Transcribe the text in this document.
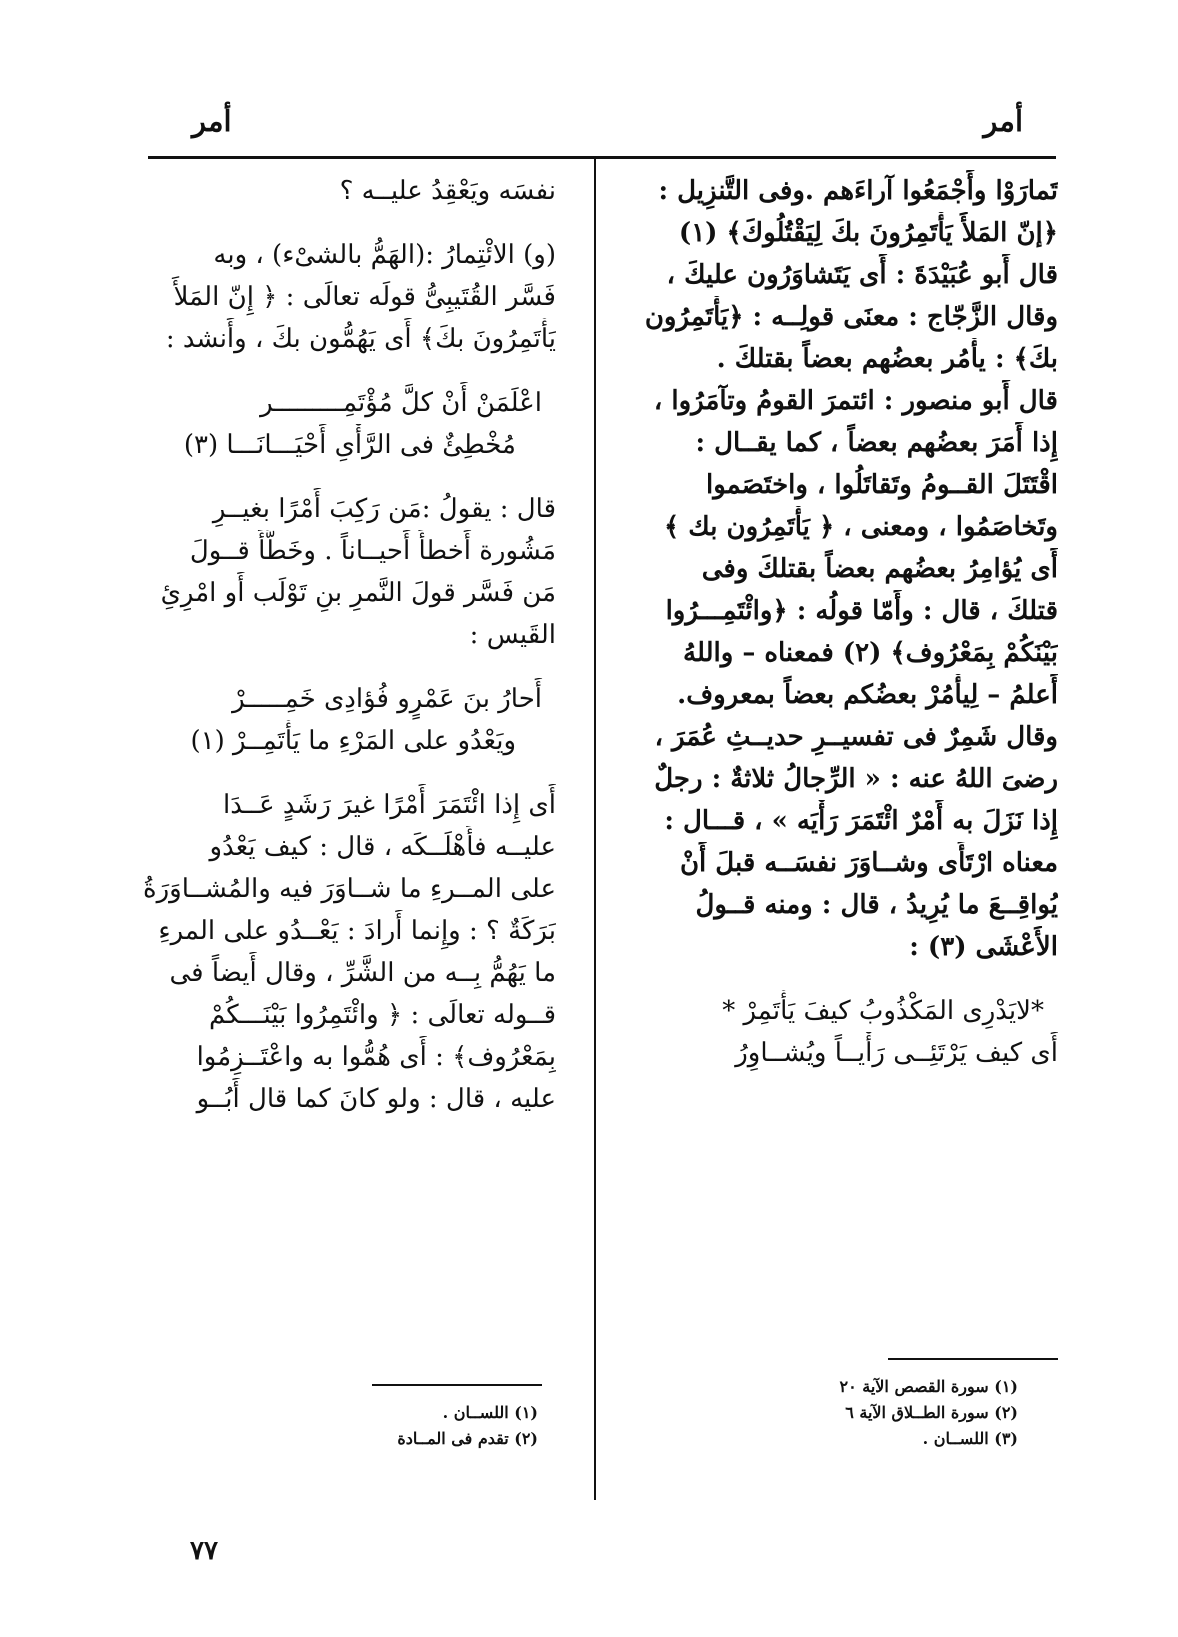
أمر
أمر
تَمارَوْا وأَجْمَعُوا آراءَهم .وفى التَّنزِيل :
﴿إنّ المَلأَ يَأْتَمِرُونَ بكَ لِيَقْتُلُوكَ﴾ (١)
قال أَبو عُبَيْدَةَ : أَى يَتَشاوَرُون عليكَ ،
وقال الزَّجّاج : معنَى قولِــه : ﴿يَأْتَمِرُون
بكَ﴾ : يأْمُر بعضُهم بعضاً بقتلكَ .
قال أَبو منصور : ائتمرَ القومُ وتآمَرُوا ،
إِذا أَمَرَ بعضُهم بعضاً ، كما يقــال :
اقْتَتَلَ القــومُ وتَقاتَلُوا ، واختَصَموا
وتَخاصَمُوا ، ومعنى ، ﴿ يَأْتَمِرُون بك ﴾
أَى يُؤامِرُ بعضُهم بعضاً بقتلكَ وفى
قتلكَ ، قال : وأَمّا قولُه : ﴿وائْتَمِـــرُوا
بَيْنَكُمْ بِمَعْرُوف﴾ (٢) فمعناه – واللهُ
أَعلمُ – لِيأْمُرْ بعضُكم بعضاً بمعروف.
وقال شَمِرٌ فى تفسيــرِ حديــثِ عُمَرَ ،
رضىَ اللهُ عنه : « الرِّجالُ ثلاثةٌ : رجلٌ
إِذا نَزَلَ به أَمْرٌ ائْتَمَرَ رَأْيَه » ، قـــال :
معناه ارْتَأَى وشــاوَرَ نفسَــه قبلَ أَنْ
يُواقِــعَ ما يُرِيدُ ، قال : ومنه قــولُ
الأَعْشَى (٣) :
*لايَدْرِى المَكْذُوبُ كيفَ يَأْتَمِرْ *
أَى كيف يَرْتَئِــى رَأْيــاً ويُشــاوِرُ
نفسَه ويَعْقِدُ عليــه ؟
(و) الائْتِمارُ :(الهَمُّ بالشىْء) ، وبه
فَسَّر القُتَيبِىُّ قولَه تعالَى : ﴿ إِنّ المَلأَ
يَأْتَمِرُونَ بكَ﴾ أَى يَهُمُّون بكَ ، وأَنشد :
اعْلَمَنْ أَنْ كلَّ مُؤْتَمِـــــــــر
مُخْطِئٌ فى الرَّأْىِ أَحْيَـــانَـــا (٣)
قال : يقولُ :مَن رَكِبَ أَمْرًا بغيــرِ
مَشُورة أَخطأَ أَحيــاناً . وخَطَّأَ قــولَ
مَن فَسَّر قولَ النَّمرِ بنِ تَوْلَب أَو امْرِئِ
القَيس :
أَحارُ بنَ عَمْرٍو فُؤادِى خَمِـــــرْ
ويَعْدُو على المَرْءِ ما يَأْتَمِــرْ (١)
أَى إِذا ائْتَمَرَ أَمْرًا غيرَ رَشَدٍ عَــدَا
عليــه فأَهْلَــكَه ، قال : كيف يَعْدُو
على المــرءِ ما شــاوَرَ فيه والمُشــاوَرَةُ
بَرَكَةٌ ؟ : وإِنما أَرادَ : يَعْــدُو على المرءِ
ما يَهُمُّ بِــه من الشَّرِّ ، وقال أَيضاً فى
قــوله تعالَى : ﴿ وائْتَمِرُوا بَيْنَـــكُمْ
بِمَعْرُوف﴾ : أَى هُمُّوا به واعْتَــزِمُوا
عليه ، قال : ولو كانَ كما قال أَبُــو
(١) سورة القصص الآية ٢٠
(٢) سورة الطــلاق الآية ٦
(٣) اللســان .
(١) اللســان .
(٢) تقدم فى المــادة
٧٧
